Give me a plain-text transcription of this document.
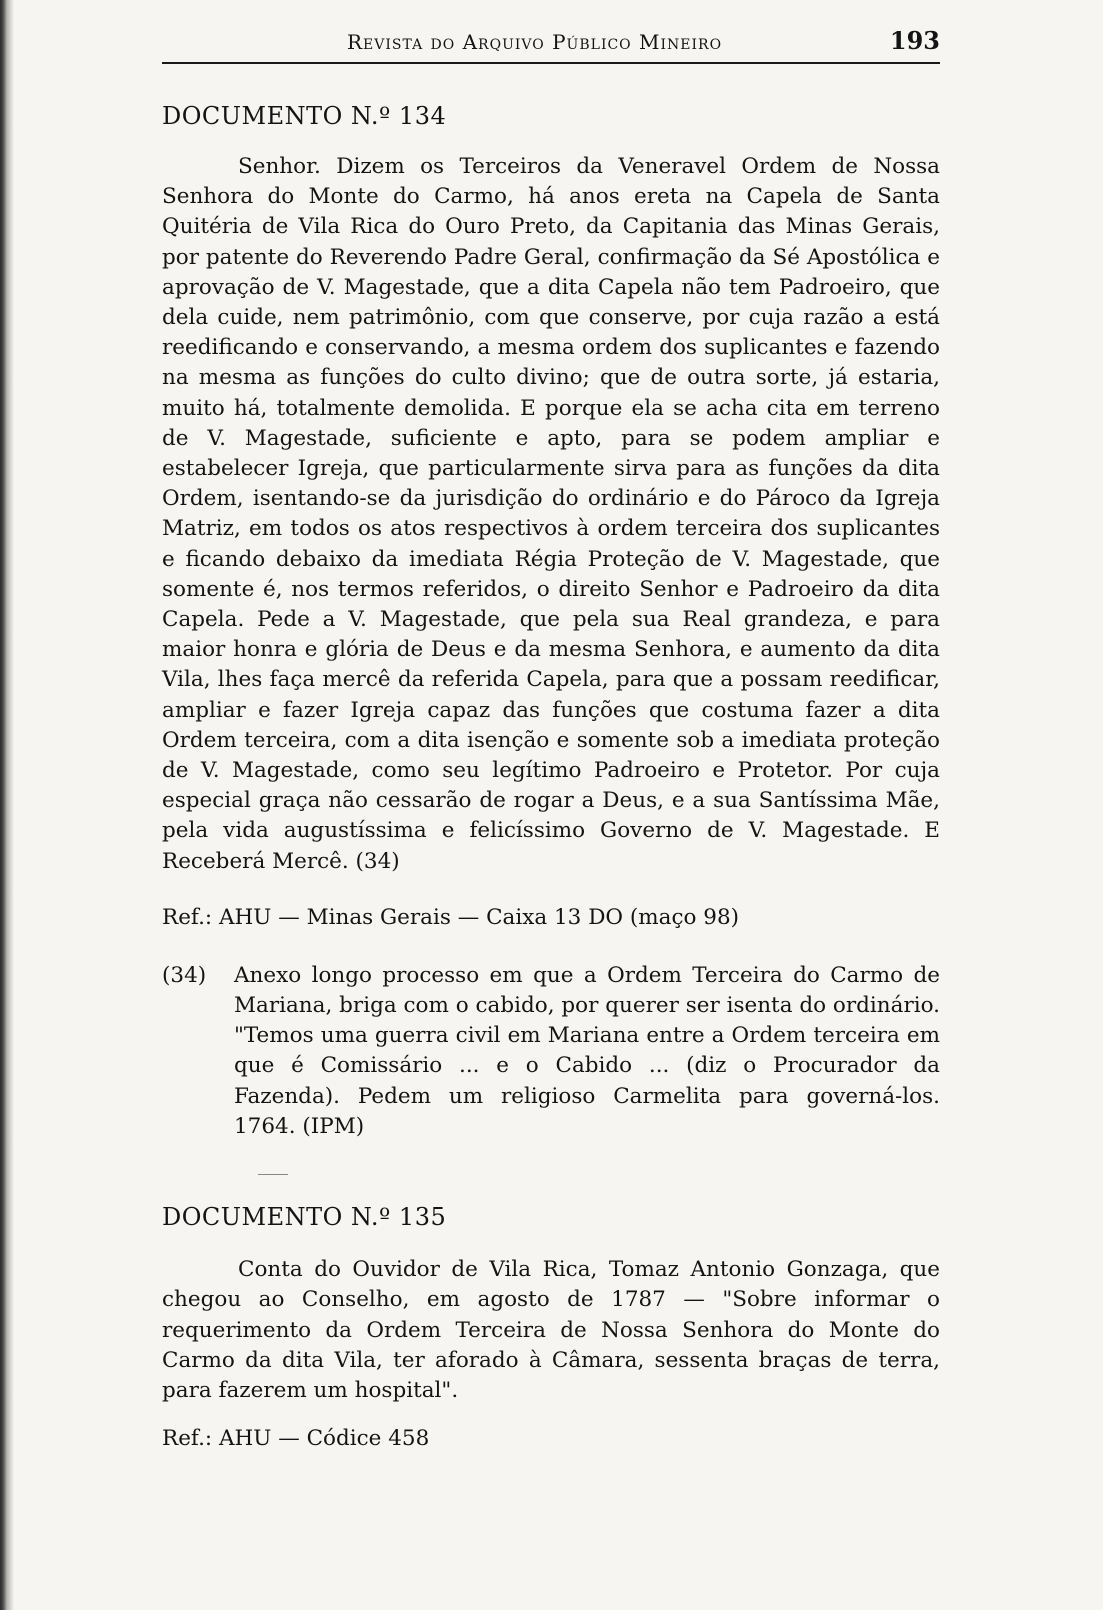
Revista do Arquivo Público Mineiro	193
DOCUMENTO N.º 134

Senhor. Dizem os Terceiros da Veneravel Ordem de Nossa Senhora do Monte do Carmo, há anos ereta na Capela de Santa Quitéria de Vila Rica do Ouro Preto, da Capitania das Minas Gerais, por patente do Reverendo Padre Geral, confirmação da Sé Apostólica e aprovação de V. Magestade, que a dita Capela não tem Padroeiro, que dela cuide, nem patrimônio, com que conserve, por cuja razão a está reedificando e conservando, a mesma ordem dos suplicantes e fazendo na mesma as funções do culto divino; que de outra sorte, já estaria, muito há, totalmente demolida. E porque ela se acha cita em terreno de V. Magestade, suficiente e apto, para se podem ampliar e estabelecer Igreja, que particularmente sirva para as funções da dita Ordem, isentando-se da jurisdição do ordinário e do Pároco da Igreja Matriz, em todos os atos respectivos à ordem terceira dos suplicantes e ficando debaixo da imediata Régia Proteção de V. Magestade, que somente é, nos termos referidos, o direito Senhor e Padroeiro da dita Capela. Pede a V. Magestade, que pela sua Real grandeza, e para maior honra e glória de Deus e da mesma Senhora, e aumento da dita Vila, lhes faça mercê da referida Capela, para que a possam reedificar, ampliar e fazer Igreja capaz das funções que costuma fazer a dita Ordem terceira, com a dita isenção e somente sob a imediata proteção de V. Magestade, como seu legítimo Padroeiro e Protetor. Por cuja especial graça não cessarão de rogar a Deus, e a sua Santíssima Mãe, pela vida augustíssima e felicíssimo Governo de V. Magestade. E Receberá Mercê. (34)

Ref.: AHU — Minas Gerais — Caixa 13 DO (maço 98)
(34) Anexo longo processo em que a Ordem Terceira do Carmo de Mariana, briga com o cabido, por querer ser isenta do ordinário. "Temos uma guerra civil em Mariana entre a Ordem terceira em que é Comissário ... e o Cabido ... (diz o Procurador da Fazenda). Pedem um religioso Carmelita para governá-los. 1764. (IPM)
DOCUMENTO N.º 135

Conta do Ouvidor de Vila Rica, Tomaz Antonio Gonzaga, que chegou ao Conselho, em agosto de 1787 — "Sobre informar o requerimento da Ordem Terceira de Nossa Senhora do Monte do Carmo da dita Vila, ter aforado à Câmara, sessenta braças de terra, para fazerem um hospital".

Ref.: AHU — Códice 458
